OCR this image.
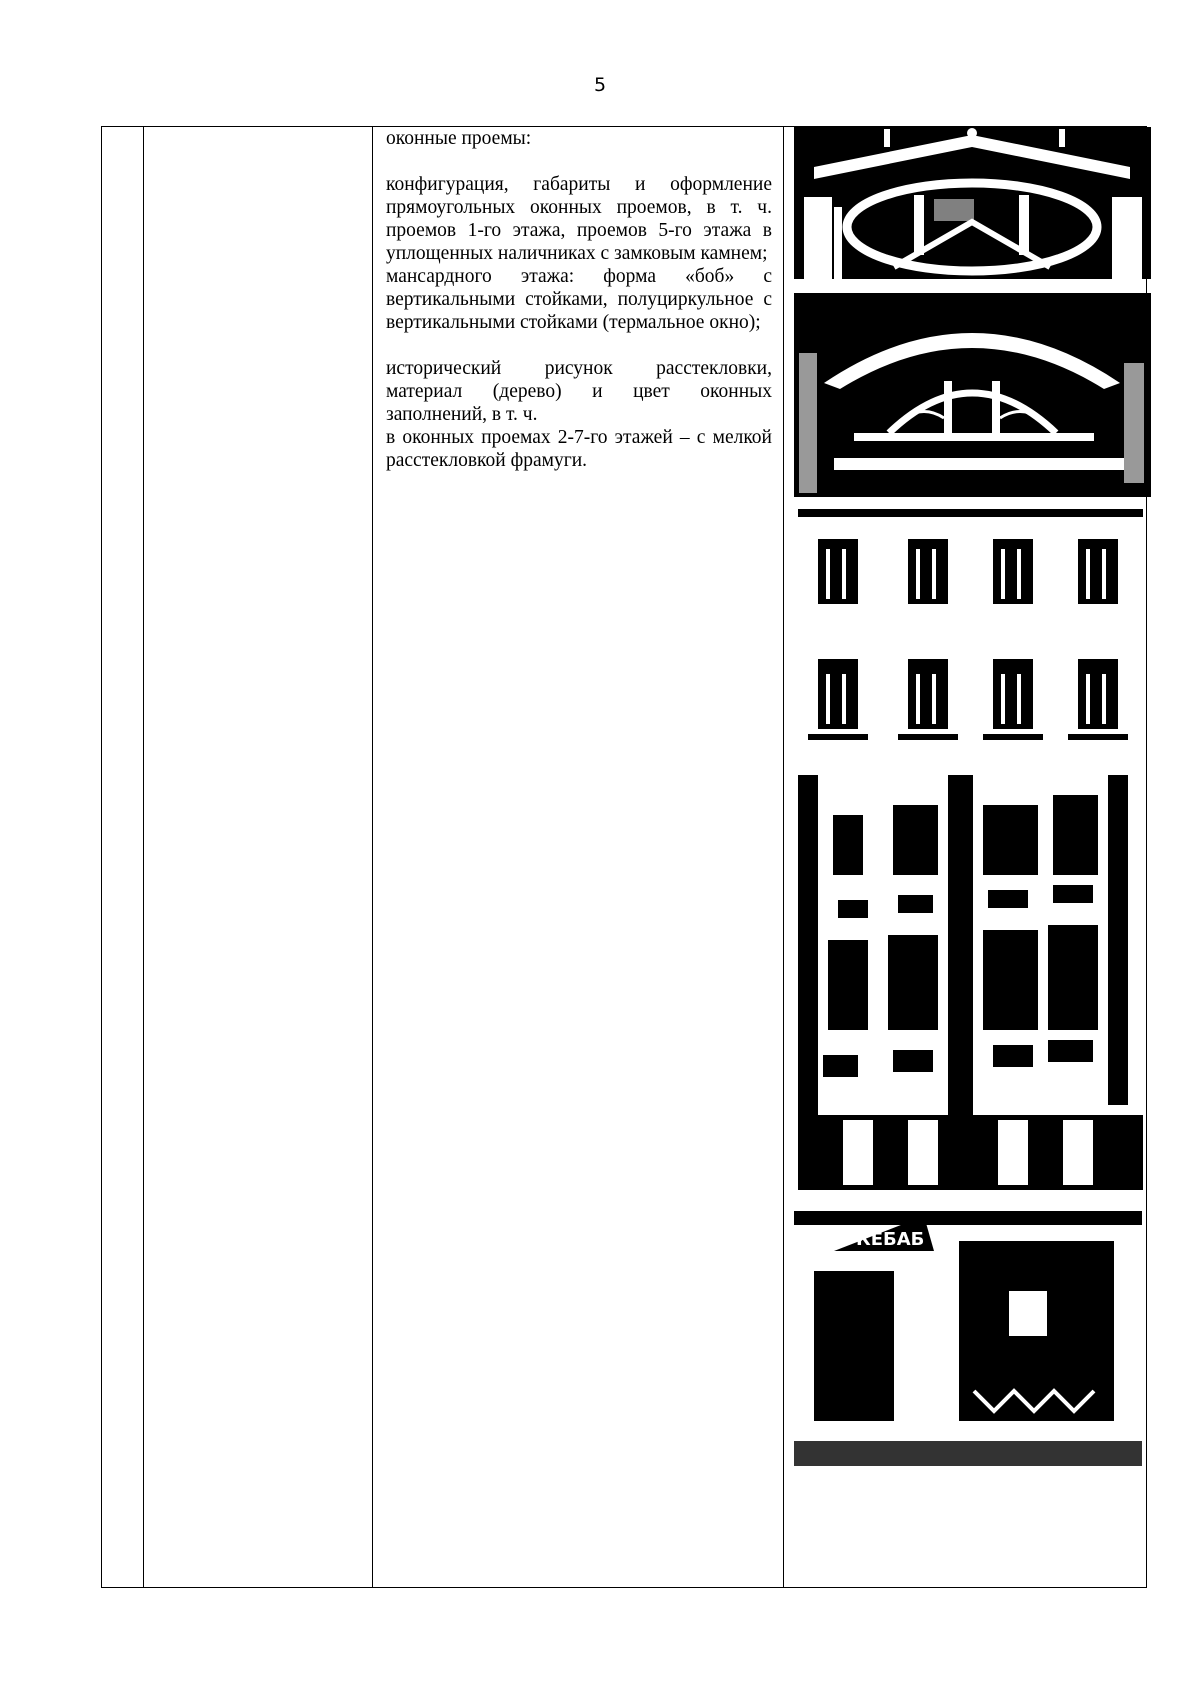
5

оконные проемы:

конфигурация, габариты и оформление прямоугольных оконных проемов, в т. ч. проемов 1-го этажа, проемов 5-го этажа в уплощенных наличниках с замковым камнем;

мансардного этажа: форма «боб» с вертикальными стойками, полуциркульное с вертикальными стойками (термальное окно);

исторический рисунок расстекловки, материал (дерево) и цвет оконных заполнений, в т. ч.

в оконных проемах 2-7-го этажей – с мелкой расстекловкой фрамуги.

КЕБАБ
